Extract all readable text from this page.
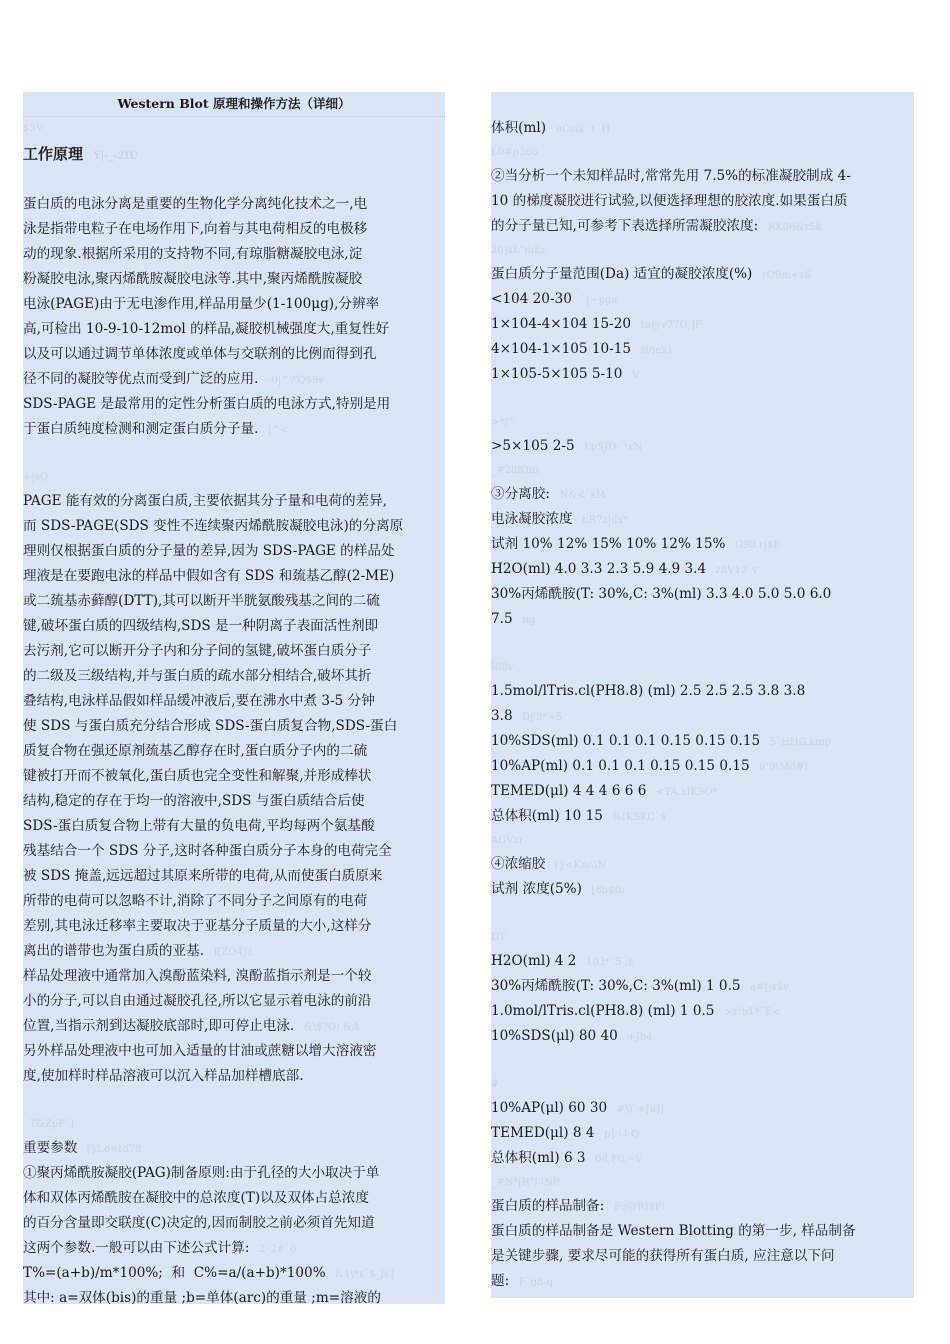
Western Blot 原理和操作方法（详细）
$5V
工作原理   Y|-_-2IU
蛋白质的电泳分离是重要的生物化学分离纯化技术之一,电
泳是指带电粒子在电场作用下,向着与其电荷相反的电极移
动的现象.根据所采用的支持物不同,有琼脂糖凝胶电泳,淀
粉凝胶电泳,聚丙烯酰胺凝胶电泳等.其中,聚丙烯酰胺凝胶
电泳(PAGE)由于无电渗作用,样品用量少(1-100μg),分辨率
高,可检出 10-9-10-12mol 的样品,凝胶机械强度大,重复性好
以及可以通过调节单体浓度或单体与交联剂的比例而得到孔
径不同的凝胶等优点而受到广泛的应用.   -0|^?'Q$9v
SDS-PAGE 是最常用的定性分析蛋白质的电泳方式,特别是用
于蛋白质纯度检测和测定蛋白质分子量.   |^<
+|sQ
PAGE 能有效的分离蛋白质,主要依据其分子量和电荷的差异,
而 SDS-PAGE(SDS 变性不连续聚丙烯酰胺凝胶电泳)的分离原
理则仅根据蛋白质的分子量的差异,因为 SDS-PAGE 的样品处
理液是在要跑电泳的样品中假如含有 SDS 和巯基乙醇(2-ME)
或二巯基赤藓醇(DTT),其可以断开半胱氨酸残基之间的二硫
键,破坏蛋白质的四级结构,SDS 是一种阴离子表面活性剂即
去污剂,它可以断开分子内和分子间的氢键,破坏蛋白质分子
的二级及三级结构,并与蛋白质的疏水部分相结合,破坏其折
叠结构,电泳样品假如样品缓冲液后,要在沸水中煮 3-5 分钟
使 SDS 与蛋白质充分结合形成 SDS-蛋白质复合物,SDS-蛋白
质复合物在强还原剂巯基乙醇存在时,蛋白质分子内的二硫
键被打开而不被氧化,蛋白质也完全变性和解聚,并形成棒状
结构,稳定的存在于均一的溶液中,SDS 与蛋白质结合后使
SDS-蛋白质复合物上带有大量的负电荷,平均每两个氨基酸
残基结合一个 SDS 分子,这时各种蛋白质分子本身的电荷完全
被 SDS 掩盖,远远超过其原来所带的电荷,从而使蛋白质原来
所带的电荷可以忽略不计,消除了不同分子之间原有的电荷
差别,其电泳迁移率主要取决于亚基分子质量的大小,这样分
离出的谱带也为蛋白质的亚基.   I[ZO4Jz
样品处理液中通常加入溴酚蓝染料, 溴酚蓝指示剂是一个较
小的分子,可以自由通过凝胶孔径,所以它显示着电泳的前沿
位置,当指示剂到达凝胶底部时,即可停止电泳.   &\$?O) &A
另外样品处理液中也可加入适量的甘油或蔗糖以增大溶液密
度,使加样时样品溶液可以沉入样品加样槽底部.
T&ZpP`]
重要参数   [}Lo=td78
①聚丙烯酰胺凝胶(PAG)制备原则:由于孔径的大小取决于单
体和双体丙烯酰胺在凝胶中的总浓度(T)以及双体占总浓度
的百分含量即交联度(C)决定的,因而制胶之前必须首先知道
这两个参数.一般可以由下述公式计算:   2`2#`0
T%=(a+b)/m*100%;  和  C%=a/(a+b)*100%   &1\*x`$_js{
其中: a=双体(bis)的重量 ;b=单体(arc)的重量 ;m=溶液的
体积(ml)   uColk`1`H
L0#p36o
②当分析一个未知样品时,常常先用 7.5%的标准凝胶制成 4-
10 的梯度凝胶进行试验,以便选择理想的胶浓度.如果蛋白质
的分子量已知,可参考下表选择所需凝胶浓度:   RK06&r5k
20]xL"mEc
蛋白质分子量范围(Da) 适宜的凝胶浓度(%)   rQ9m+x6
<104 20-30   `[~pga
1×104-4×104 15-20   tn@v77O;]F
4×104-1×105 10-15   s\qek)
1×105-5×105 5-10   V
>*j'"
>5×105 2-5   LpSJD:`\xN
_#28fOn\
③分离胶:   N&<`kl4
电泳凝胶浓度   hR7z|dx*
试剂 10% 12% 15% 10% 12% 15%   G90.r|$E
H2O(ml) 4.0 3.3 2.3 5.9 4.9 3.4   z8V12`v
30%丙烯酰胺(T: 30%,C: 3%(ml) 3.3 4.0 5.0 5.0 6.0
7.5   ng
I88v
1.5mol/lTris.cl(PH8.8) (ml) 2.5 2.5 2.5 3.8 3.8
3.8   Dj'3*=5
10%SDS(ml) 0.1 0.1 0.1 0.15 0.15 0.15   5`HHG.kmp
10%AP(ml) 0.1 0.1 0.1 0.15 0.15 0.15   i('9tMd#i
TEMED(μl) 4 4 4 6 6 6   <TA.xIK9O*
总体积(ml) 10 15   %IKSKC`$
AGVzr
④浓缩胶   [}<Km\\N
试剂 浓度(5%)   [8b$fn
DT
H2O(ml) 4 2   103*`5 ;z
30%丙烯酰胺(T: 30%,C: 3%(ml) 1 0.5   a#[jx$v
1.0mol/lTris.cl(PH8.8) (ml) 1 0.5   >z!bT*`E<
10%SDS(μl) 80 40   +Jh4
#
10%AP(μl) 60 30   #\)`+[u]]
TEMED(μl) 8 4   p]:口 Q
总体积(ml) 6 3   0d,F0,=v
_#N*[R"口NP
蛋白质的样品制备:   Fq@RI$P!
蛋白质的样品制备是 Western Blotting 的第一步, 样品制备
是关键步骤, 要求尽可能的获得所有蛋白质, 应注意以下问
题:   F`g8 q
